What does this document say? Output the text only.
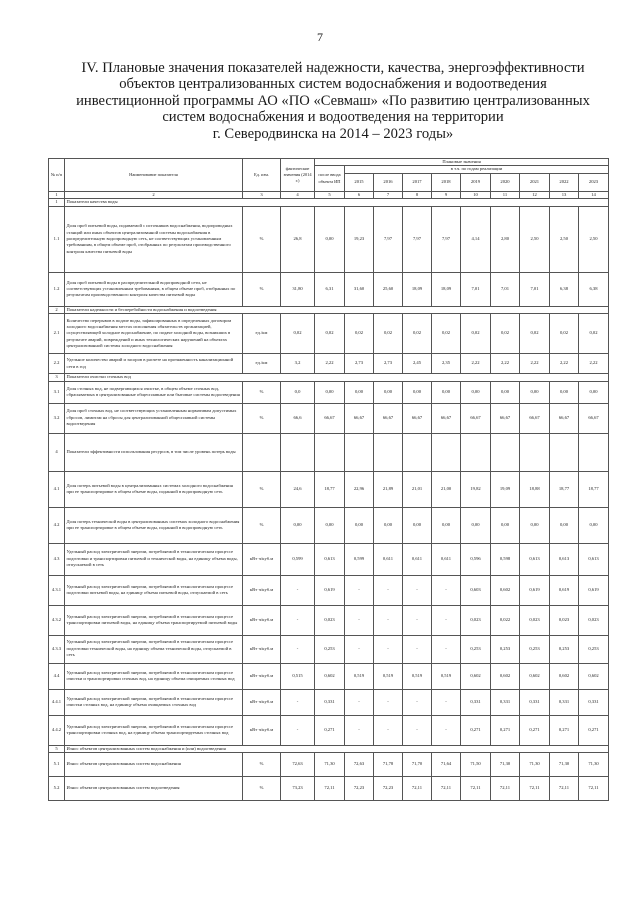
7
IV. Плановые значения показателей надежности, качества, энергоэффективности
объектов централизованных систем водоснабжения и водоотведения
инвестиционной программы АО «ПО «Севмаш» «По развитию централизованных
систем водоснабжения и водоотведения на территории
г. Северодвинска на 2014 – 2023 годы»
№ п/п	Наименование показателя	Ед. изм.	фактические значения (2014 г.)	Плановые значения									
				после ввода объекта ИП	в т.ч. по годам реализации								
					2015	2016	2017	2018	2019	2020	2021	2022	2023
1	2	3	4	5	6	7	8	9	10	11	12	13	14
1	Показатели качества воды												
1.1	Доля проб питьевой воды, подаваемой с источников водоснабжения, водопроводных станций или иных объектов централизованной системы водоснабжения в распределительную водопроводную сеть, не соответствующих установленным требованиям, в общем объеме проб, отобранных по результатам производственного контроля качества питьевой воды	%	26,8	0,00	19,23	7,97	7,97	7,97	4,14	2,80	2,50	2,50	2,50
1.2	Доля проб питьевой воды в распределительной водопроводной сети, не соответствующих установленным требованиям, в общем объеме проб, отобранных по результатам производственного контроля качества питьевой воды	%	31,80	6,31	31,60	25,60	18,09	18,09	7,01	7,01	7,01	6,38	6,38
2	Показатели надежности и бесперебойности водоснабжения и водоотведения												
2.1	Количество перерывов в подаче воды, зафиксированных в определенных договором холодного водоснабжения местах исполнения обязательств организацией, осуществляющей холодное водоснабжение, по подаче холодной воды, возникших в результате аварий, повреждений и иных технологических нарушений на объектах централизованной системы холодного водоснабжения	ед./км	0,02	0,02	0,02	0,02	0,02	0,02	0,02	0,02	0,02	0,02	0,02
2.2	Удельное количество аварий и засоров в расчете на протяженность канализационной сети в год	ед./км	3,2	2,22	2,73	2,73	2,45	2,35	2,22	2,22	2,22	2,22	2,22
3	Показатели очистки сточных вод												
3.1	Доля сточных вод, не подвергающихся очистке, в общем объеме сточных вод, сбрасываемых в централизованные общесплавные или бытовые системы водоотведения	%	0,0	0,00	0,00	0,00	0,00	0,00	0,00	0,00	0,00	0,00	0,00
3.2	Доля проб сточных вод, не соответствующих установленным нормативам допустимых сбросов, лимитам на сбросы для централизованной общесплавной системы водоотведения	%	66,6	66,67	66,67	66,67	66,67	66,67	66,67	66,67	66,67	66,67	66,67
4	Показатели эффективности использования ресурсов, в том числе уровень потерь воды												
4.1	Доля потерь питьевой воды в централизованных системах холодного водоснабжения при ее транспортировке в общем объеме воды, поданной в водопроводную сеть	%	24,6	18,77	22,96	21,89	21,01	21,00	19,82	19,09	18,88	18,77	18,77
4.2	Доля потерь технической воды в централизованных системах холодного водоснабжения при ее транспортировке в общем объеме воды, поданной в водопроводную сеть	%	0,00	0,00	0,00	0,00	0,00	0,00	0,00	0,00	0,00	0,00	0,00
4.3	Удельный расход электрической энергии, потребляемой в технологическом процессе подготовки и транспортировки питьевой и технической воды, на единицу объема воды, отпускаемой в сеть	кВт·ч/куб.м	0,599	0,613	0,599	0,611	0,611	0,611	0,596	0,598	0,613	0,613	0,613
4.3.1	Удельный расход электрической энергии, потребляемой в технологическом процессе подготовки питьевой воды, на единицу объема питьевой воды, отпускаемой в сеть	кВт·ч/куб.м	-	0,619	-	-	-	-	0,603	0,602	0,619	0,619	0,619
4.3.2	Удельный расход электрической энергии, потребляемой в технологическом процессе транспортировки питьевой воды, на единицу объема транспортируемой питьевой воды	кВт·ч/куб.м	-	0,023	-	-	-	-	0,023	0,022	0,023	0,023	0,023
4.3.3	Удельный расход электрической энергии, потребляемой в технологическом процессе подготовки технической воды, на единицу объема технической воды, отпускаемой в сеть	кВт·ч/куб.м	-	0,253	-	-	-	-	0,253	0,253	0,253	0,253	0,253
4.4	Удельный расход электрической энергии, потребляемой в технологическом процессе очистки и транспортировки сточных вод, на единицу объема очищаемых сточных вод	кВт·ч/куб.м	0,515	0,602	0,519	0,519	0,519	0,519	0,602	0,602	0,602	0,602	0,602
4.4.1	Удельный расход электрической энергии, потребляемой в технологическом процессе очистки сточных вод, на единицу объема очищаемых сточных вод	кВт·ч/куб.м	-	0,331	-	-	-	-	0,331	0,331	0,331	0,331	0,331
4.4.2	Удельный расход электрической энергии, потребляемой в технологическом процессе транспортировки сточных вод, на единицу объема транспортируемых сточных вод	кВт·ч/куб.м	-	0,271	-	-	-	-	0,271	0,271	0,271	0,271	0,271
5	Износ объектов централизованных систем водоснабжения и (или) водоотведения												
5.1	Износ объектов централизованных систем водоснабжения	%	72,63	71,30	72,63	71,78	71,70	71,64	71,50	71,30	71,30	71,30	71,30
5.2	Износ объектов централизованных систем водоотведения	%	73,23	72,11	72,23	72,23	72,11	72,11	72,11	72,11	72,11	72,11	72,11
